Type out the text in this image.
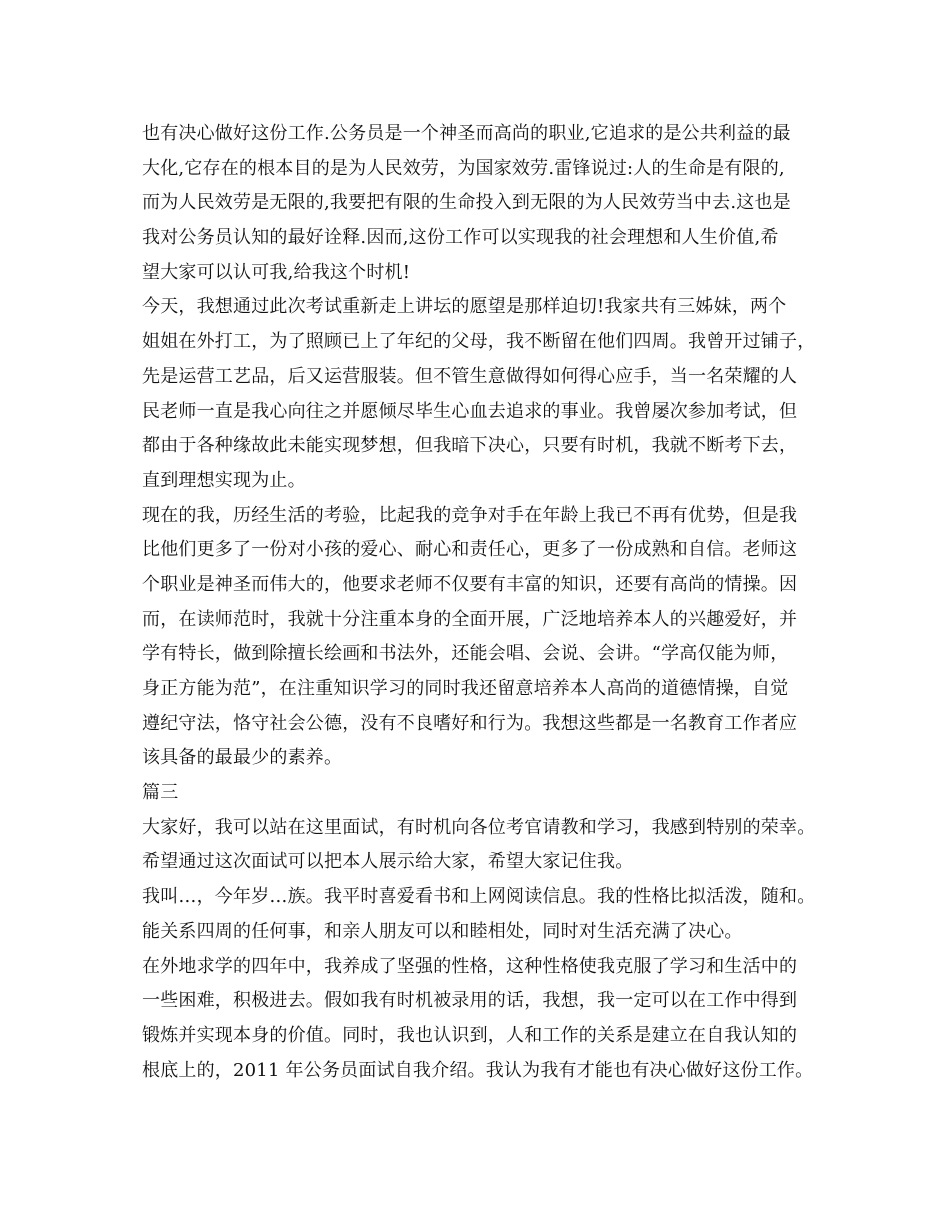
也有决心做好这份工作.公务员是一个神圣而高尚的职业,它追求的是公共利益的最
大化,它存在的根本目的是为人民效劳，为国家效劳.雷锋说过:人的生命是有限的,
而为人民效劳是无限的,我要把有限的生命投入到无限的为人民效劳当中去.这也是
我对公务员认知的最好诠释.因而,这份工作可以实现我的社会理想和人生价值,希
望大家可以认可我,给我这个时机!
今天，我想通过此次考试重新走上讲坛的愿望是那样迫切!我家共有三姊妹，两个
姐姐在外打工，为了照顾已上了年纪的父母，我不断留在他们四周。我曾开过铺子，
先是运营工艺品，后又运营服装。但不管生意做得如何得心应手，当一名荣耀的人
民老师一直是我心向往之并愿倾尽毕生心血去追求的事业。我曾屡次参加考试，但
都由于各种缘故此未能实现梦想，但我暗下决心，只要有时机，我就不断考下去，
直到理想实现为止。
现在的我，历经生活的考验，比起我的竞争对手在年龄上我已不再有优势，但是我
比他们更多了一份对小孩的爱心、耐心和责任心，更多了一份成熟和自信。老师这
个职业是神圣而伟大的，他要求老师不仅要有丰富的知识，还要有高尚的情操。因
而，在读师范时，我就十分注重本身的全面开展，广泛地培养本人的兴趣爱好，并
学有特长，做到除擅长绘画和书法外，还能会唱、会说、会讲。“学高仅能为师，
身正方能为范”，在注重知识学习的同时我还留意培养本人高尚的道德情操，自觉
遵纪守法，恪守社会公德，没有不良嗜好和行为。我想这些都是一名教育工作者应
该具备的最最少的素养。
篇三
大家好，我可以站在这里面试，有时机向各位考官请教和学习，我感到特别的荣幸。
希望通过这次面试可以把本人展示给大家，希望大家记住我。
我叫…，今年岁…族。我平时喜爱看书和上网阅读信息。我的性格比拟活泼，随和。
能关系四周的任何事，和亲人朋友可以和睦相处，同时对生活充满了决心。
在外地求学的四年中，我养成了坚强的性格，这种性格使我克服了学习和生活中的
一些困难，积极进去。假如我有时机被录用的话，我想，我一定可以在工作中得到
锻炼并实现本身的价值。同时，我也认识到，人和工作的关系是建立在自我认知的
根底上的，2011 年公务员面试自我介绍。我认为我有才能也有决心做好这份工作。
